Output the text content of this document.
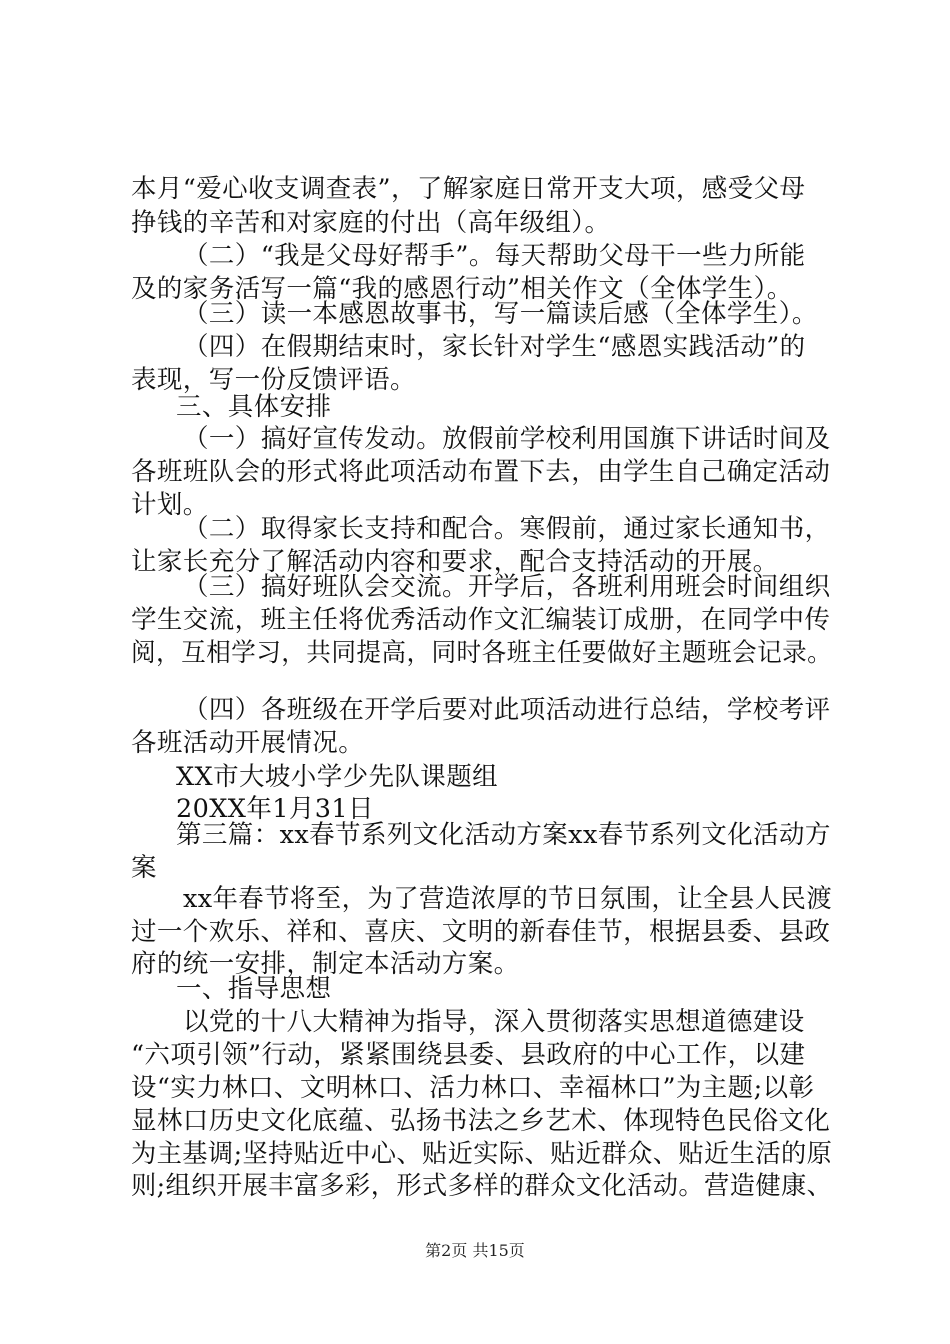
本月“爱心收支调查表”，了解家庭日常开支大项，感受父母
挣钱的辛苦和对家庭的付出（高年级组）。
（二）“我是父母好帮手”。每天帮助父母干一些力所能
及的家务活写一篇“我的感恩行动”相关作文（全体学生）。
（三）读一本感恩故事书，写一篇读后感（全体学生）。
（四）在假期结束时，家长针对学生“感恩实践活动”的
表现，写一份反馈评语。
三、具体安排
（一）搞好宣传发动。放假前学校利用国旗下讲话时间及
各班班队会的形式将此项活动布置下去，由学生自己确定活动
计划。
（二）取得家长支持和配合。寒假前，通过家长通知书，
让家长充分了解活动内容和要求，配合支持活动的开展。
（三）搞好班队会交流。开学后，各班利用班会时间组织
学生交流，班主任将优秀活动作文汇编装订成册，在同学中传
阅，互相学习，共同提高，同时各班主任要做好主题班会记录。
（四）各班级在开学后要对此项活动进行总结，学校考评
各班活动开展情况。
XX市大坡小学少先队课题组
20XX年1月31日
第三篇：xx春节系列文化活动方案xx春节系列文化活动方
案
xx年春节将至，为了营造浓厚的节日氛围，让全县人民渡
过一个欢乐、祥和、喜庆、文明的新春佳节，根据县委、县政
府的统一安排，制定本活动方案。
一、指导思想
以党的十八大精神为指导，深入贯彻落实思想道德建设
“六项引领”行动，紧紧围绕县委、县政府的中心工作，以建
设“实力林口、文明林口、活力林口、幸福林口”为主题;以彰
显林口历史文化底蕴、弘扬书法之乡艺术、体现特色民俗文化
为主基调;坚持贴近中心、贴近实际、贴近群众、贴近生活的原
则;组织开展丰富多彩，形式多样的群众文化活动。营造健康、
第2页 共15页
